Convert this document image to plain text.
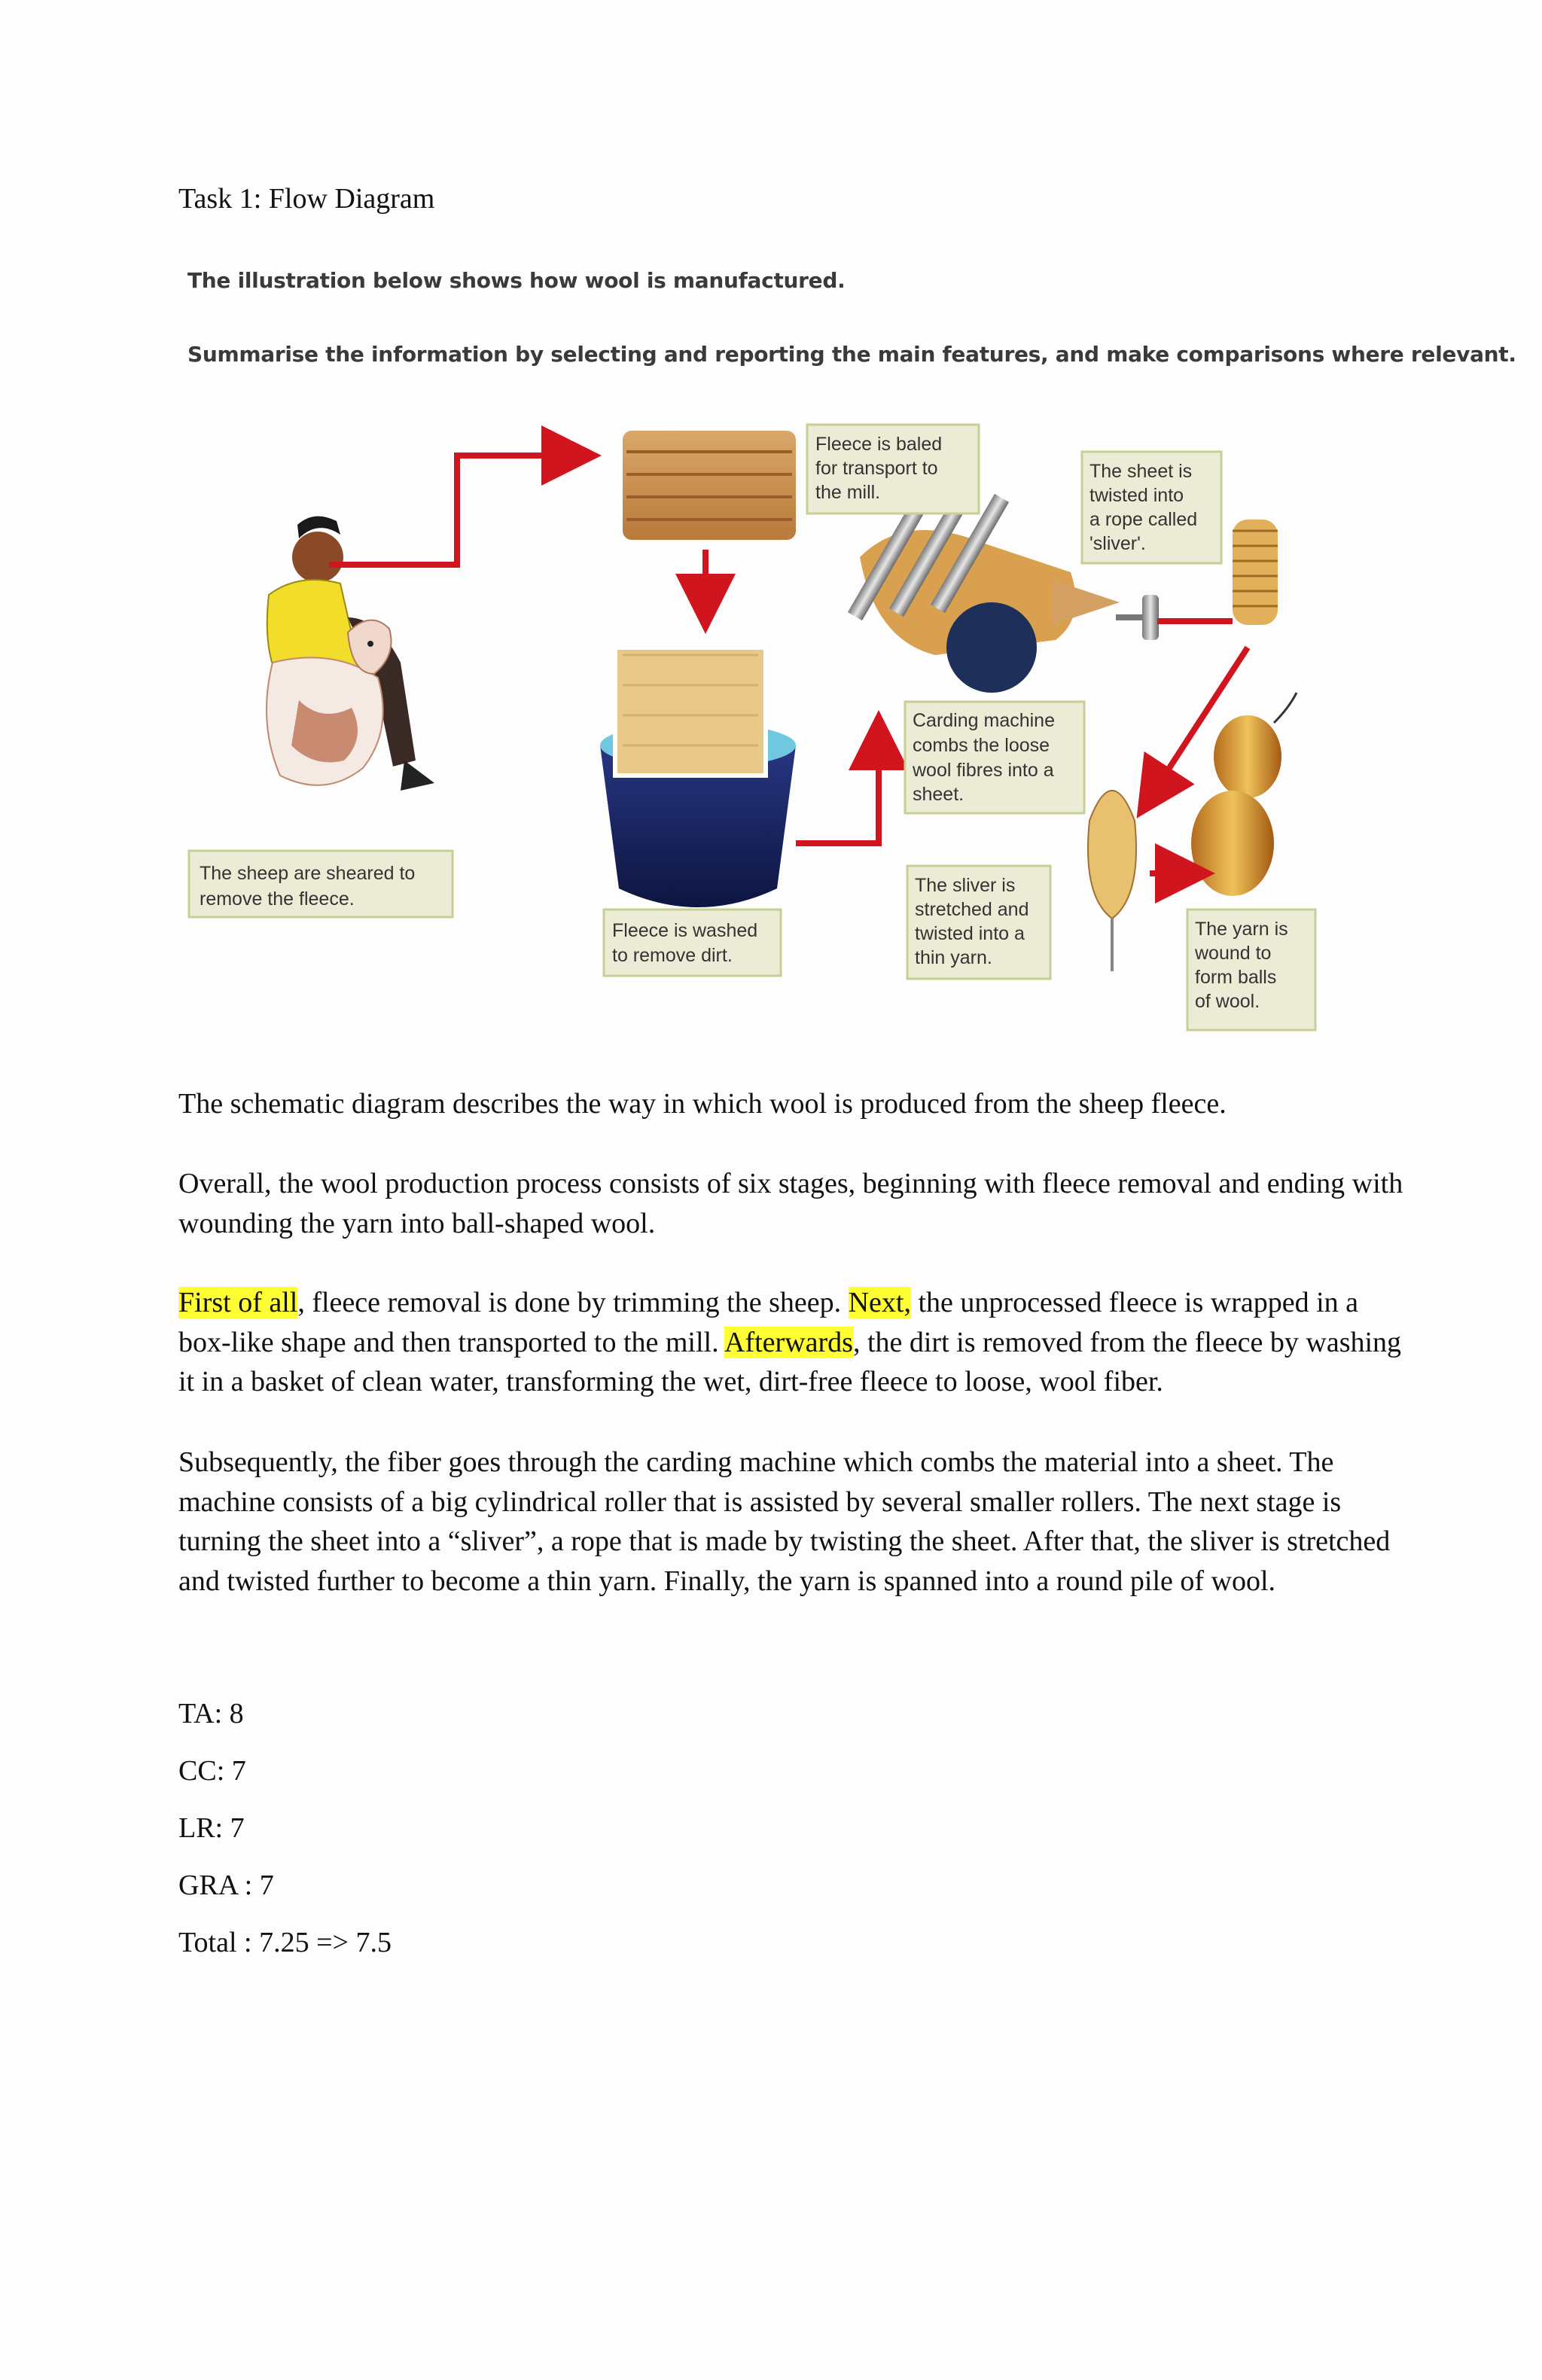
Task 1: Flow Diagram
The illustration below shows how wool is manufactured.
Summarise the information by selecting and reporting the main features, and make comparisons where relevant.
The sheep are sheared to
remove the fleece.
Fleece is baled
for transport to
the mill.
Fleece is washed
to remove dirt.
Carding machine
combs the loose
wool fibres into a
sheet.
The sheet is
twisted into
a rope called
'sliver'.
The sliver is
stretched and
twisted into a
thin yarn.
The yarn is
wound to
form balls
of wool.

The schematic diagram describes the way in which wool is produced from the sheep fleece.

Overall, the wool production process consists of six stages, beginning with fleece removal and ending with wounding the yarn into ball-shaped wool.

First of all, fleece removal is done by trimming the sheep. Next, the unprocessed fleece is wrapped in a box-like shape and then transported to the mill. Afterwards, the dirt is removed from the fleece by washing it in a basket of clean water, transforming the wet, dirt-free fleece to loose, wool fiber.

Subsequently, the fiber goes through the carding machine which combs the material into a sheet. The machine consists of a big cylindrical roller that is assisted by several smaller rollers. The next stage is turning the sheet into a “sliver”, a rope that is made by twisting the sheet. After that, the sliver is stretched and twisted further to become a thin yarn. Finally, the yarn is spanned into a round pile of wool.

TA: 8
CC: 7
LR: 7
GRA : 7
Total : 7.25 => 7.5
